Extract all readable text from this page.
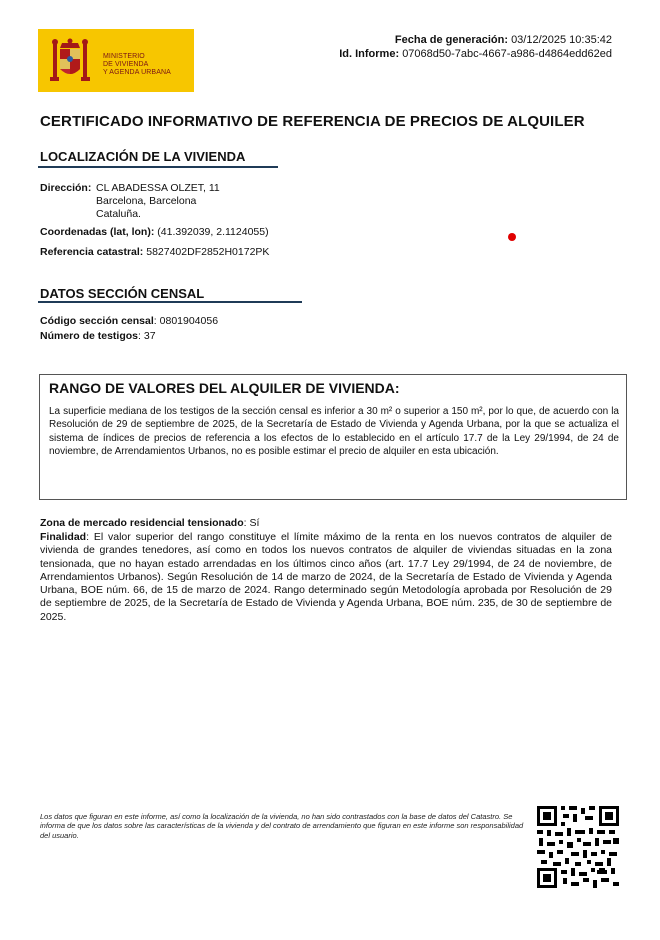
MINISTERIO
DE VIVIENDA
Y AGENDA URBANA
Fecha de generación: 03/12/2025 10:35:42
Id. Informe: 07068d50-7abc-4667-a986-d4864edd62ed
CERTIFICADO INFORMATIVO DE REFERENCIA DE PRECIOS DE ALQUILER
LOCALIZACIÓN DE LA VIVIENDA
Dirección: CL ABADESSA OLZET, 11
Barcelona, Barcelona
Cataluña.
Coordenadas (lat, lon): (41.392039, 2.1124055)
Referencia catastral: 5827402DF2852H0172PK
DATOS SECCIÓN CENSAL
Código sección censal: 0801904056
Número de testigos: 37
RANGO DE VALORES DEL ALQUILER DE VIVIENDA:
La superficie mediana de los testigos de la sección censal es inferior a 30 m² o superior a 150 m², por lo que, de acuerdo con la Resolución de 29 de septiembre de 2025, de la Secretaría de Estado de Vivienda y Agenda Urbana, por la que se actualiza el sistema de índices de precios de referencia a los efectos de lo establecido en el artículo 17.7 de la Ley 29/1994, de 24 de noviembre, de Arrendamientos Urbanos, no es posible estimar el precio de alquiler en esta ubicación.
Zona de mercado residencial tensionado: Sí
Finalidad: El valor superior del rango constituye el límite máximo de la renta en los nuevos contratos de alquiler de vivienda de grandes tenedores, así como en todos los nuevos contratos de alquiler de viviendas situadas en la zona tensionada, que no hayan estado arrendadas en los últimos cinco años (art. 17.7 Ley 29/1994, de 24 de noviembre, de Arrendamientos Urbanos). Según Resolución de 14 de marzo de 2024, de la Secretaría de Estado de Vivienda y Agenda Urbana, BOE núm. 66, de 15 de marzo de 2024. Rango determinado según Metodología aprobada por Resolución de 29 de septiembre de 2025, de la Secretaría de Estado de Vivienda y Agenda Urbana, BOE núm. 235, de 30 de septiembre de 2025.
Los datos que figuran en este informe, así como la localización de la vivienda, no han sido contrastados con la base de datos del Catastro. Se informa de que los datos sobre las características de la vivienda y del contrato de arrendamiento que figuran en este informe son responsabilidad del usuario.
